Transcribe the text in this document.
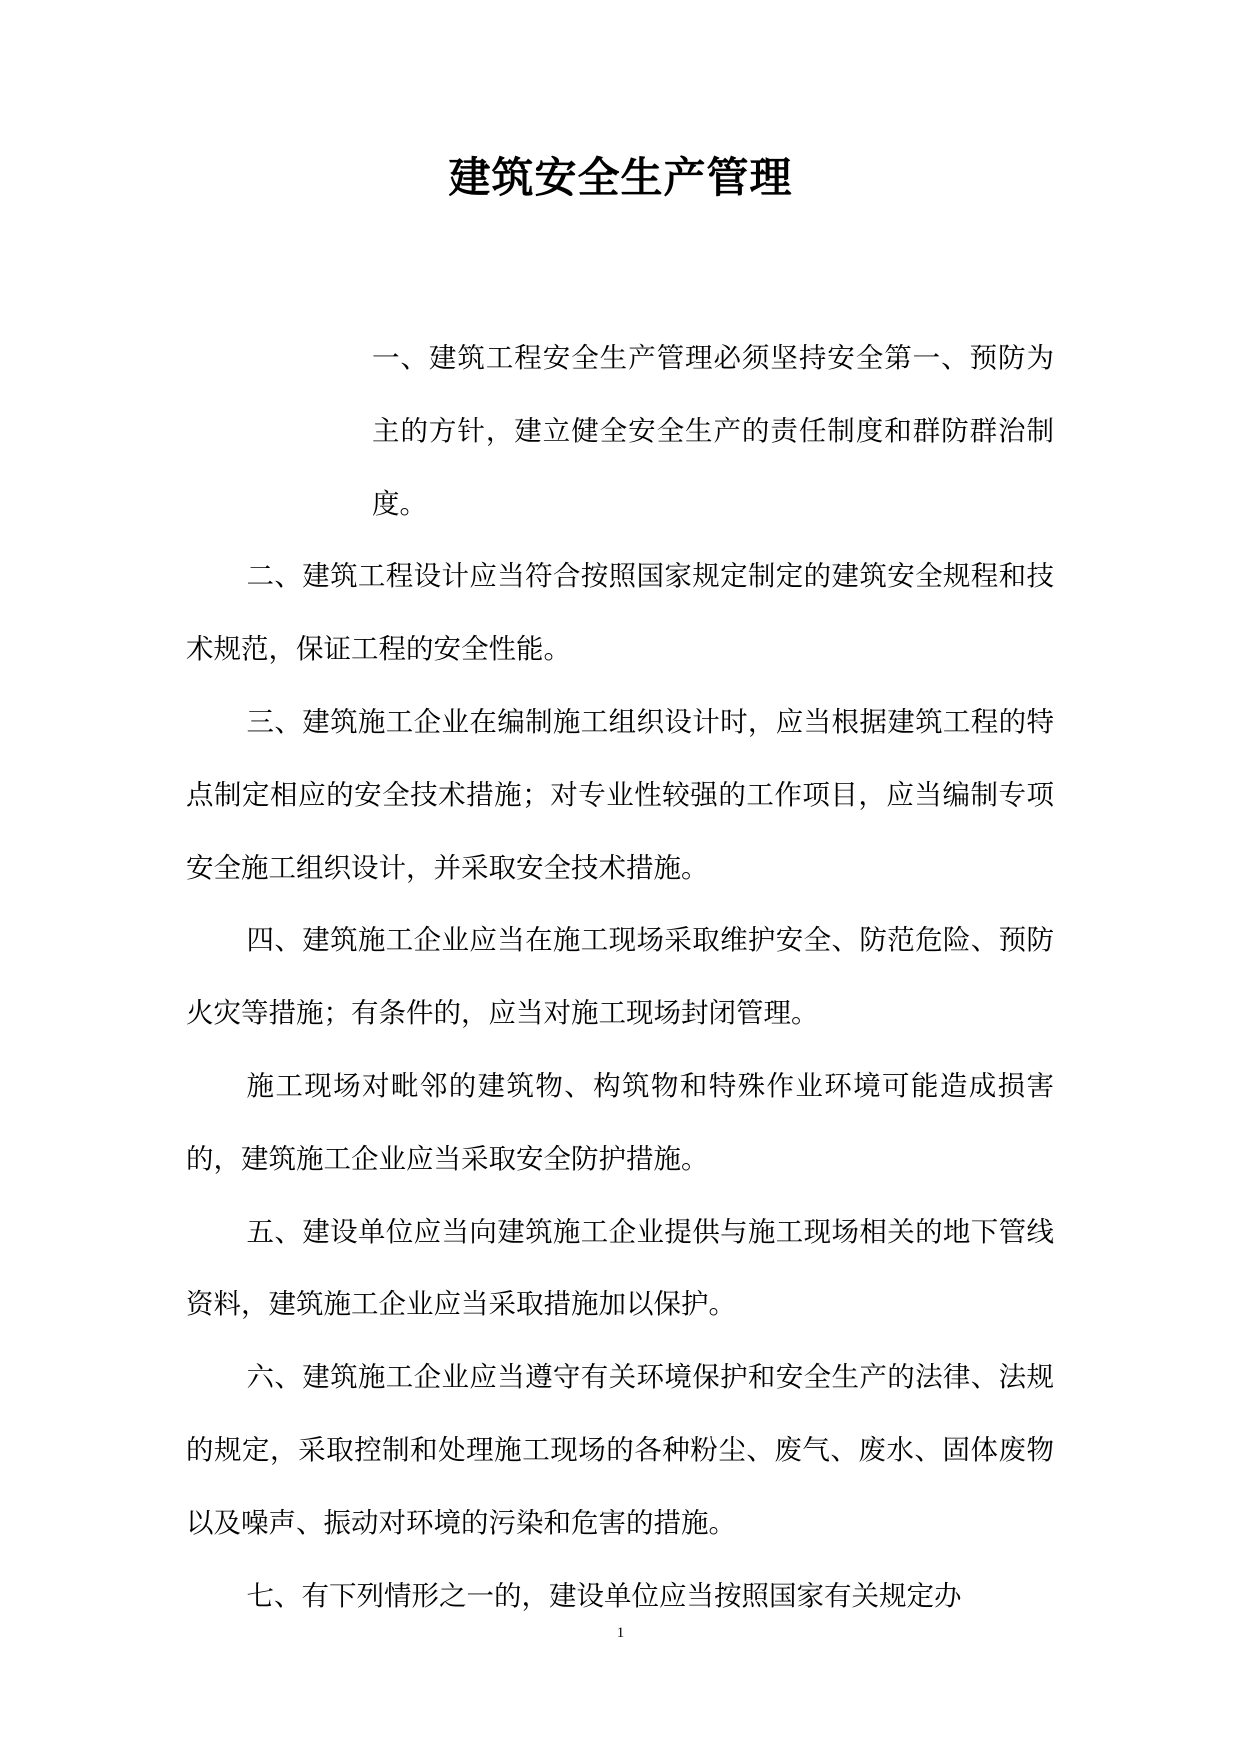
建筑安全生产管理

一、建筑工程安全生产管理必须坚持安全第一、预防为主的方针，建立健全安全生产的责任制度和群防群治制度。

二、建筑工程设计应当符合按照国家规定制定的建筑安全规程和技术规范，保证工程的安全性能。

三、建筑施工企业在编制施工组织设计时，应当根据建筑工程的特点制定相应的安全技术措施；对专业性较强的工作项目，应当编制专项安全施工组织设计，并采取安全技术措施。

四、建筑施工企业应当在施工现场采取维护安全、防范危险、预防火灾等措施；有条件的，应当对施工现场封闭管理。

施工现场对毗邻的建筑物、构筑物和特殊作业环境可能造成损害的，建筑施工企业应当采取安全防护措施。

五、建设单位应当向建筑施工企业提供与施工现场相关的地下管线资料，建筑施工企业应当采取措施加以保护。

六、建筑施工企业应当遵守有关环境保护和安全生产的法律、法规的规定，采取控制和处理施工现场的各种粉尘、废气、废水、固体废物以及噪声、振动对环境的污染和危害的措施。

七、有下列情形之一的，建设单位应当按照国家有关规定办

1
